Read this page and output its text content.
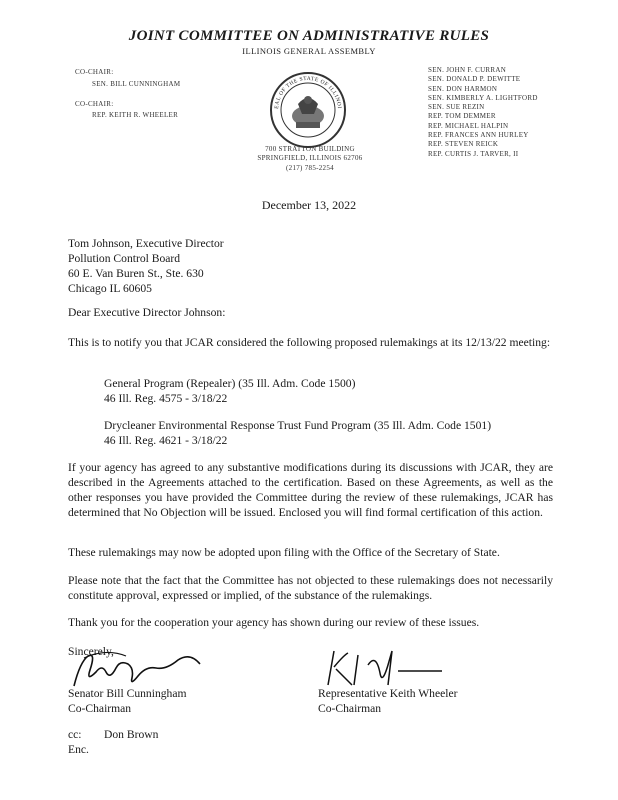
JOINT COMMITTEE ON ADMINISTRATIVE RULES
ILLINOIS GENERAL ASSEMBLY
CO-CHAIR:
SEN. BILL CUNNINGHAM
CO-CHAIR:
REP. KEITH R. WHEELER
EAL OF THE STATE OF ILLINOI
700 STRATTON BUILDING
SPRINGFIELD, ILLINOIS 62706
(217) 785-2254
SEN. JOHN F. CURRAN
SEN. DONALD P. DEWITTE
SEN. DON HARMON
SEN. KIMBERLY A. LIGHTFORD
SEN. SUE REZIN
REP. TOM DEMMER
REP. MICHAEL HALPIN
REP. FRANCES ANN HURLEY
REP. STEVEN REICK
REP. CURTIS J. TARVER, II
December 13, 2022
Tom Johnson, Executive Director
Pollution Control Board
60 E. Van Buren St., Ste. 630
Chicago IL 60605
Dear Executive Director Johnson:
This is to notify you that JCAR considered the following proposed rulemakings at its 12/13/22 meeting:
General Program (Repealer) (35 Ill. Adm. Code 1500)
46 Ill. Reg. 4575 - 3/18/22
Drycleaner Environmental Response Trust Fund Program (35 Ill. Adm. Code 1501)
46 Ill. Reg. 4621 - 3/18/22
If your agency has agreed to any substantive modifications during its discussions with JCAR, they are described in the Agreements attached to the certification. Based on these Agreements, as well as the other responses you have provided the Committee during the review of these rulemakings, JCAR has determined that No Objection will be issued. Enclosed you will find formal certification of this action.
These rulemakings may now be adopted upon filing with the Office of the Secretary of State.
Please note that the fact that the Committee has not objected to these rulemakings does not necessarily constitute approval, expressed or implied, of the substance of the rulemakings.
Thank you for the cooperation your agency has shown during our review of these issues.
Sincerely,
Senator Bill Cunningham
Co-Chairman
Representative Keith Wheeler
Co-Chairman
cc: Don Brown
Enc.
